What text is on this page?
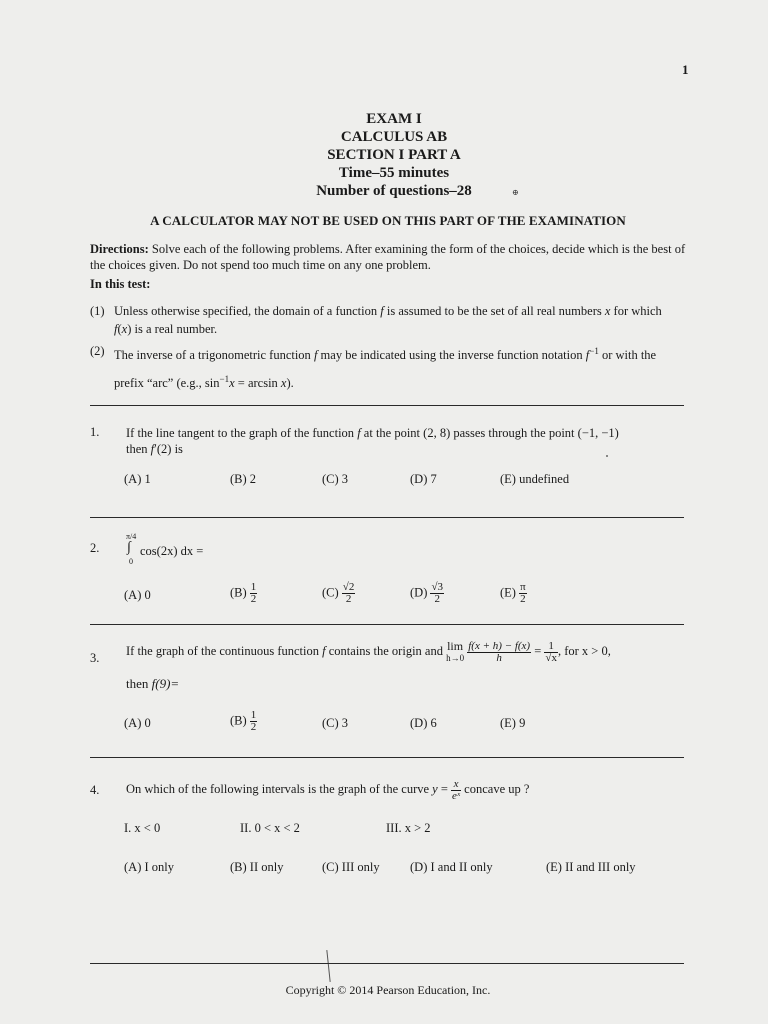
1
EXAM I
CALCULUS AB
SECTION I PART A
Time–55 minutes
Number of questions–28	⊕
A CALCULATOR MAY NOT BE USED ON THIS PART OF THE EXAMINATION
Directions: Solve each of the following problems. After examining the form of the choices, decide which is the best of the choices given. Do not spend too much time on any one problem.
In this test:
(1) Unless otherwise specified, the domain of a function f is assumed to be the set of all real numbers x for which
f(x) is a real number.
(2) The inverse of a trigonometric function f may be indicated using the inverse function notation $f^{-1}$ or with the
prefix “arc” (e.g., $\sin^{-1}x = \arcsin x$).
1. If the line tangent to the graph of the function f at the point (2, 8) passes through the point (−1, −1)
then f′(2) is
(A) 1	(B) 2	(C) 3	(D) 7	(E) undefined
2.
π/4
∫
0
cos(2x) dx =
(A) 0	$(B) \frac{1}{2}$	$(C) \frac{√2}{2}$	$(D) \frac{√3}{2}$	$(E) \frac{\pi}{2}$
3. If the graph of the continuous function f contains the origin and lim
h→0
$\frac{f(x + h) - f(x)}{h} = \frac{1}{√x}$ , for x > 0,
then f(9)=
(A) 0	$(B) \frac{1}{2}$	(C) 3	(D) 6	(E) 9
4. On which of the following intervals is the graph of the curve $y = \frac{x}{\text{eˣ}}$ concave up ?
I. x < 0	II. 0 < x < 2	III. x > 2
(A) I only	(B) II only	(C) III only (D) I and II only	(E) II and III only
Copyright © 2014 Pearson Education, Inc.
